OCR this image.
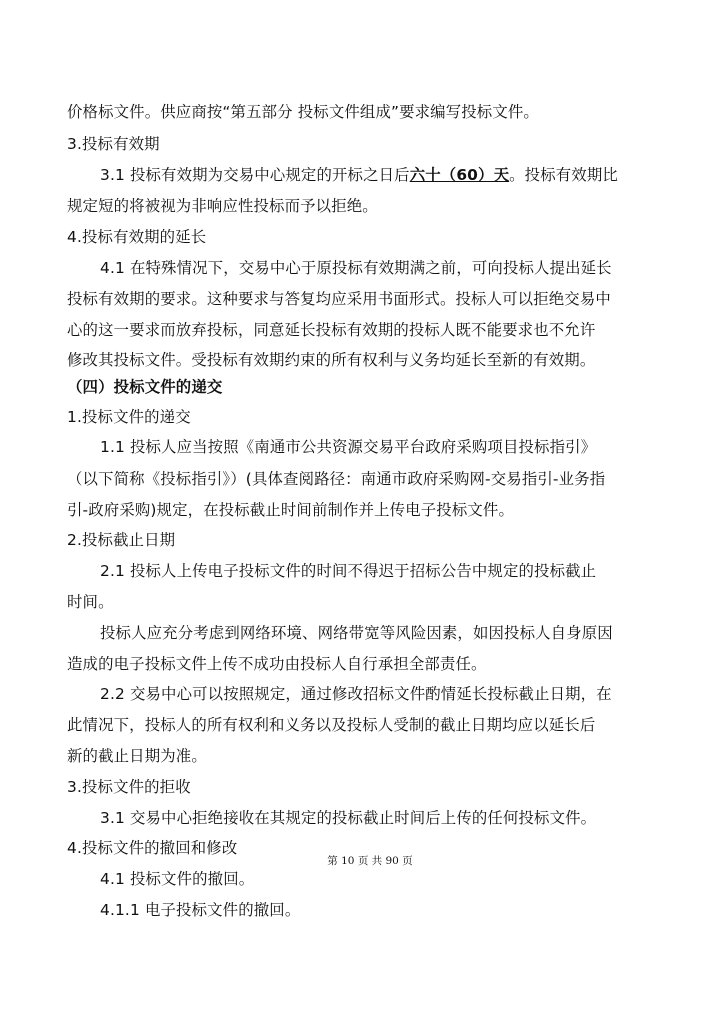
价格标文件。供应商按“第五部分 投标文件组成”要求编写投标文件。
3.投标有效期
3.1 投标有效期为交易中心规定的开标之日后六十（60）天。投标有效期比
规定短的将被视为非响应性投标而予以拒绝。
4.投标有效期的延长
4.1 在特殊情况下，交易中心于原投标有效期满之前，可向投标人提出延长
投标有效期的要求。这种要求与答复均应采用书面形式。投标人可以拒绝交易中
心的这一要求而放弃投标，同意延长投标有效期的投标人既不能要求也不允许
修改其投标文件。受投标有效期约束的所有权利与义务均延长至新的有效期。
（四）投标文件的递交
1.投标文件的递交
1.1 投标人应当按照《南通市公共资源交易平台政府采购项目投标指引》
（以下简称《投标指引》）(具体查阅路径：南通市政府采购网-交易指引-业务指
引-政府采购)规定，在投标截止时间前制作并上传电子投标文件。
2.投标截止日期
2.1 投标人上传电子投标文件的时间不得迟于招标公告中规定的投标截止
时间。
投标人应充分考虑到网络环境、网络带宽等风险因素，如因投标人自身原因
造成的电子投标文件上传不成功由投标人自行承担全部责任。
2.2 交易中心可以按照规定，通过修改招标文件酌情延长投标截止日期，在
此情况下，投标人的所有权利和义务以及投标人受制的截止日期均应以延长后
新的截止日期为准。
3.投标文件的拒收
3.1 交易中心拒绝接收在其规定的投标截止时间后上传的任何投标文件。
4.投标文件的撤回和修改
4.1 投标文件的撤回。
4.1.1 电子投标文件的撤回。
第 10 页 共 90 页
